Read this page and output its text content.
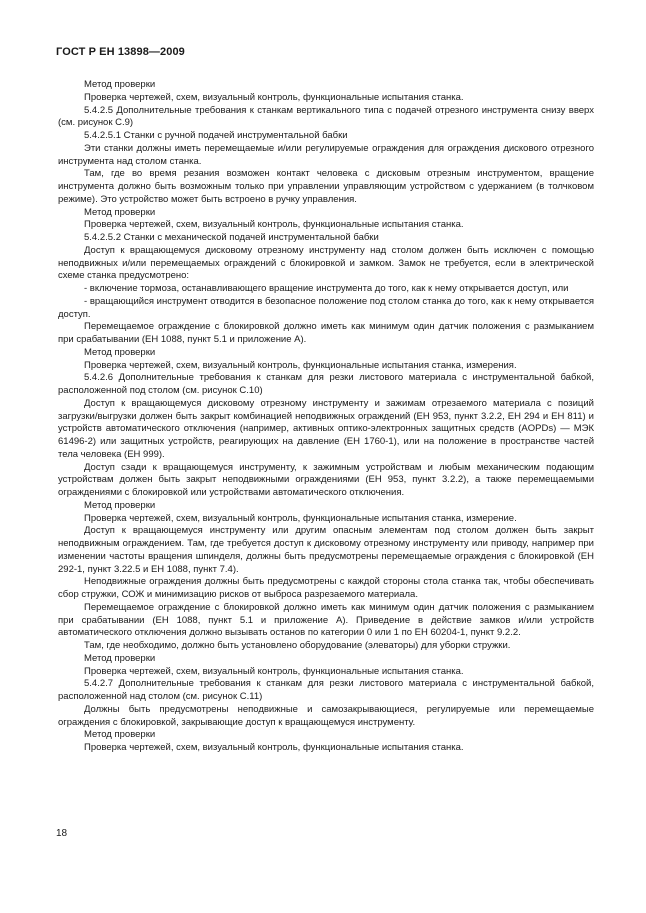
ГОСТ Р ЕН 13898—2009

Метод проверки

Проверка чертежей, схем, визуальный контроль, функциональные испытания станка.

5.4.2.5 Дополнительные требования к станкам вертикального типа с подачей отрезного инструмента снизу вверх (см. рисунок С.9)

5.4.2.5.1 Станки с ручной подачей инструментальной бабки

Эти станки должны иметь перемещаемые и/или регулируемые ограждения для ограждения дискового отрезного инструмента над столом станка.

Там, где во время резания возможен контакт человека с дисковым отрезным инструментом, вращение инструмента должно быть возможным только при управлении управляющим устройством с удержанием (в толчковом режиме). Это устройство может быть встроено в ручку управления.

Метод проверки

Проверка чертежей, схем, визуальный контроль, функциональные испытания станка.

5.4.2.5.2 Станки с механической подачей инструментальной бабки

Доступ к вращающемуся дисковому отрезному инструменту над столом должен быть исключен с помощью неподвижных и/или перемещаемых ограждений с блокировкой и замком. Замок не требуется, если в электрической схеме станка предусмотрено:

- включение тормоза, останавливающего вращение инструмента до того, как к нему открывается доступ, или

- вращающийся инструмент отводится в безопасное положение под столом станка до того, как к нему открывается доступ.

Перемещаемое ограждение с блокировкой должно иметь как минимум один датчик положения с размыканием при срабатывании (ЕН 1088, пункт 5.1 и приложение А).

Метод проверки

Проверка чертежей, схем, визуальный контроль, функциональные испытания станка, измерения.

5.4.2.6 Дополнительные требования к станкам для резки листового материала с инструментальной бабкой, расположенной под столом (см. рисунок С.10)

Доступ к вращающемуся дисковому отрезному инструменту и зажимам отрезаемого материала с позиций загрузки/выгрузки должен быть закрыт комбинацией неподвижных ограждений (ЕН 953, пункт 3.2.2, ЕН 294 и ЕН 811) и устройств автоматического отключения (например, активных оптико-электронных защитных средств (AOPDs) — МЭК 61496-2) или защитных устройств, реагирующих на давление (ЕН 1760-1), или на положение в пространстве частей тела человека (ЕН 999).

Доступ сзади к вращающемуся инструменту, к зажимным устройствам и любым механическим подающим устройствам должен быть закрыт неподвижными ограждениями (ЕН 953, пункт 3.2.2), а также перемещаемыми ограждениями с блокировкой или устройствами автоматического отключения.

Метод проверки

Проверка чертежей, схем, визуальный контроль, функциональные испытания станка, измерение.

Доступ к вращающемуся инструменту или другим опасным элементам под столом должен быть закрыт неподвижным ограждением. Там, где требуется доступ к дисковому отрезному инструменту или приводу, например при изменении частоты вращения шпинделя, должны быть предусмотрены перемещаемые ограждения с блокировкой (ЕН 292-1, пункт 3.22.5 и ЕН 1088, пункт 7.4).

Неподвижные ограждения должны быть предусмотрены с каждой стороны стола станка так, чтобы обеспечивать сбор стружки, СОЖ и минимизацию рисков от выброса разрезаемого материала.

Перемещаемое ограждение с блокировкой должно иметь как минимум один датчик положения с размыканием при срабатывании (ЕН 1088, пункт 5.1 и приложение А). Приведение в действие замков и/или устройств автоматического отключения должно вызывать останов по категории 0 или 1 по ЕН 60204-1, пункт 9.2.2.

Там, где необходимо, должно быть установлено оборудование (элеваторы) для уборки стружки.

Метод проверки

Проверка чертежей, схем, визуальный контроль, функциональные испытания станка.

5.4.2.7 Дополнительные требования к станкам для резки листового материала с инструментальной бабкой, расположенной над столом (см. рисунок С.11)

Должны быть предусмотрены неподвижные и самозакрывающиеся, регулируемые или перемещаемые ограждения с блокировкой, закрывающие доступ к вращающемуся инструменту.

Метод проверки

Проверка чертежей, схем, визуальный контроль, функциональные испытания станка.

18
